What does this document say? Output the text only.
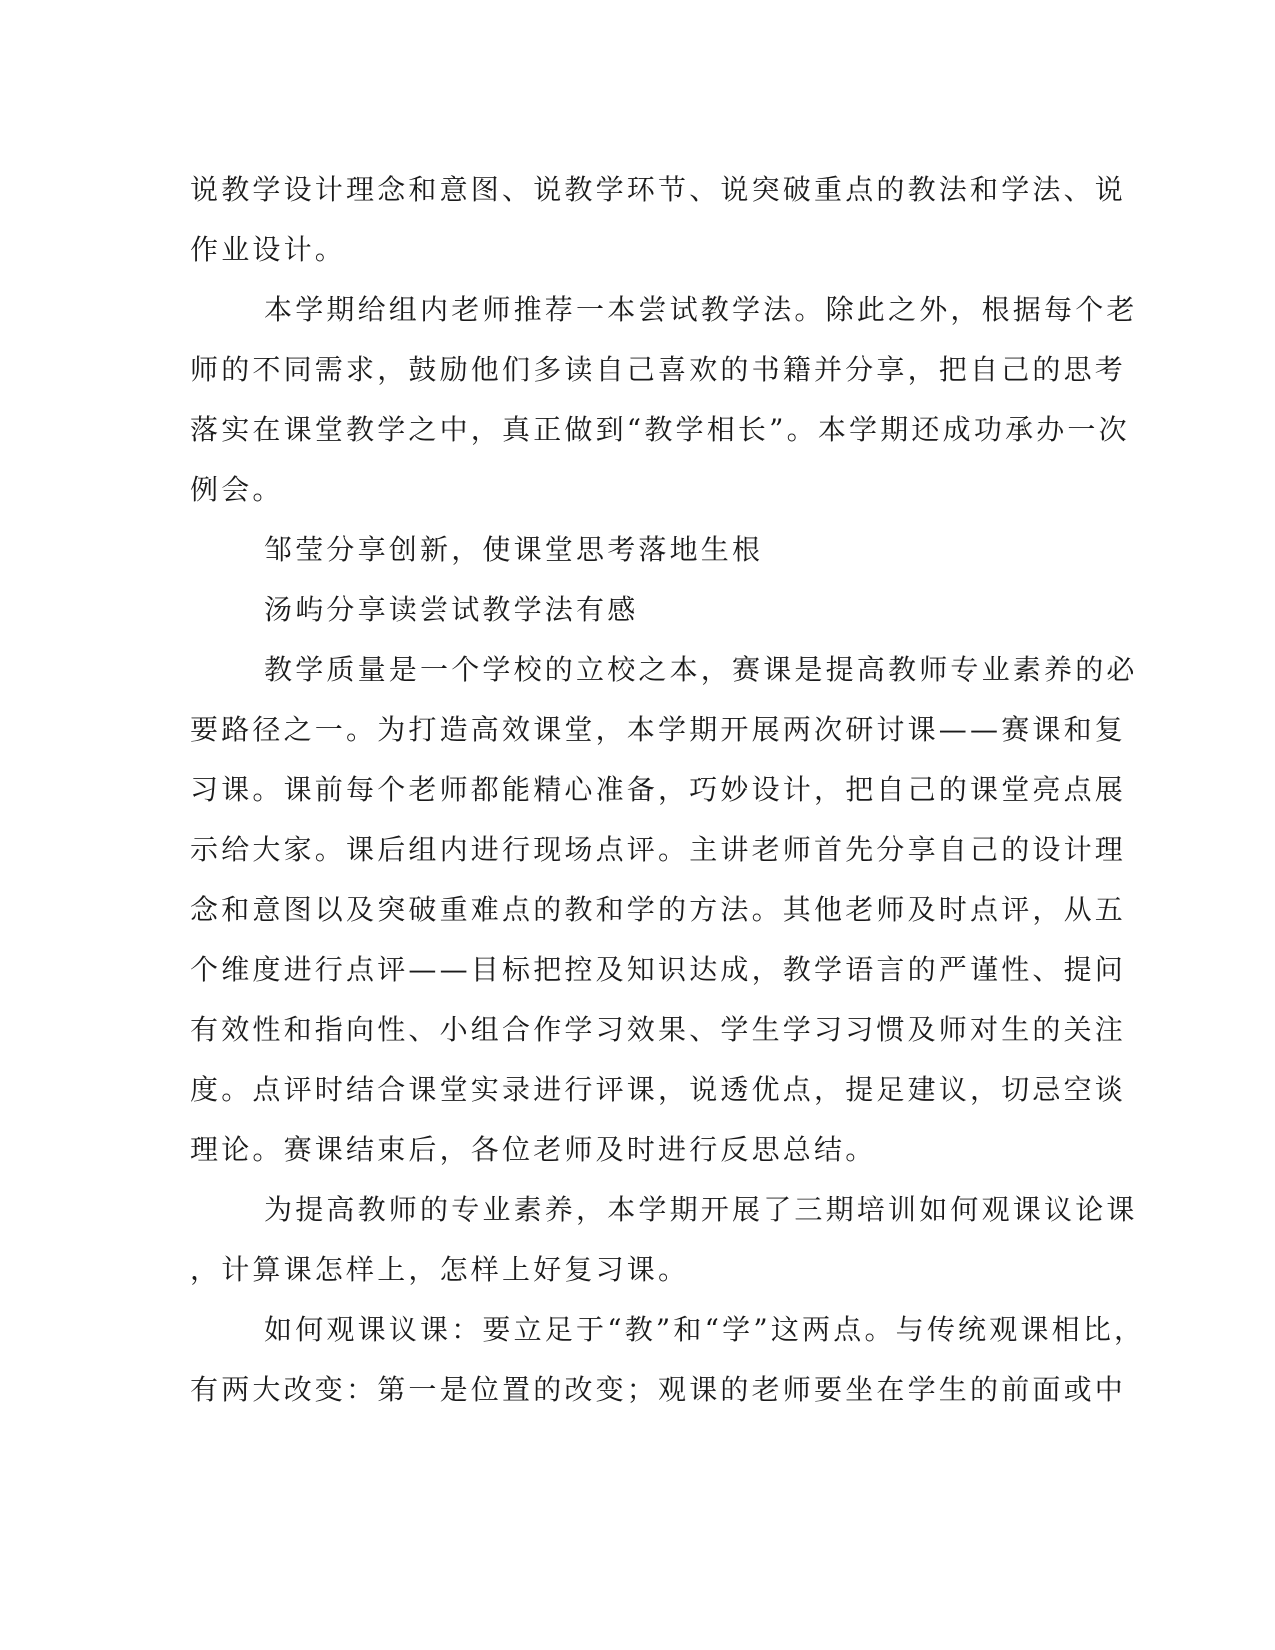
说教学设计理念和意图、说教学环节、说突破重点的教法和学法、说
作业设计。
本学期给组内老师推荐一本尝试教学法。除此之外，根据每个老
师的不同需求，鼓励他们多读自己喜欢的书籍并分享，把自己的思考
落实在课堂教学之中，真正做到“教学相长”。本学期还成功承办一次
例会。
邹莹分享创新，使课堂思考落地生根
汤屿分享读尝试教学法有感
教学质量是一个学校的立校之本，赛课是提高教师专业素养的必
要路径之一。为打造高效课堂，本学期开展两次研讨课——赛课和复
习课。课前每个老师都能精心准备，巧妙设计，把自己的课堂亮点展
示给大家。课后组内进行现场点评。主讲老师首先分享自己的设计理
念和意图以及突破重难点的教和学的方法。其他老师及时点评，从五
个维度进行点评——目标把控及知识达成，教学语言的严谨性、提问
有效性和指向性、小组合作学习效果、学生学习习惯及师对生的关注
度。点评时结合课堂实录进行评课，说透优点，提足建议，切忌空谈
理论。赛课结束后，各位老师及时进行反思总结。
为提高教师的专业素养，本学期开展了三期培训如何观课议论课
，计算课怎样上，怎样上好复习课。
如何观课议课：要立足于“教”和“学”这两点。与传统观课相比，
有两大改变：第一是位置的改变；观课的老师要坐在学生的前面或中
